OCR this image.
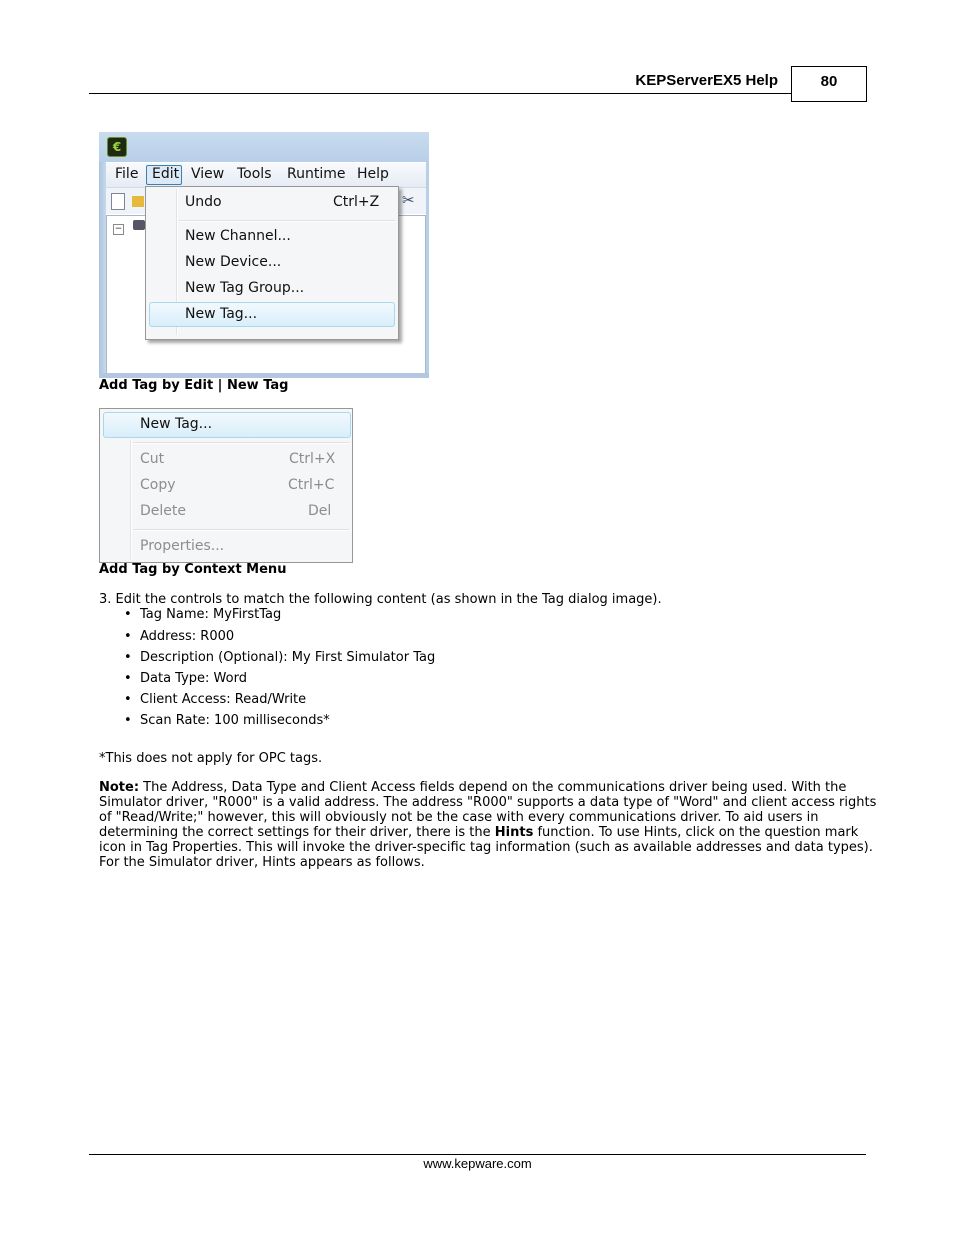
KEPServerEX5 Help	80
€
File Edit View Tools Runtime Help
✂
−
Undo	Ctrl+Z
New Channel...
New Device...
New Tag Group...
New Tag...
Add Tag by Edit | New Tag
New Tag...
Cut	Ctrl+X
Copy	Ctrl+C
Delete	Del
Properties...
Add Tag by Context Menu
3. Edit the controls to match the following content (as shown in the Tag dialog image).
• Tag Name: MyFirstTag
• Address: R000
• Description (Optional): My First Simulator Tag
• Data Type: Word
• Client Access: Read/Write
• Scan Rate: 100 milliseconds*
*This does not apply for OPC tags.
Note: The Address, Data Type and Client Access fields depend on the communications driver being used. With the
Simulator driver, "R000" is a valid address. The address "R000" supports a data type of "Word" and client access rights
of "Read/Write;" however, this will obviously not be the case with every communications driver. To aid users in
determining the correct settings for their driver, there is the Hints function. To use Hints, click on the question mark
icon in Tag Properties. This will invoke the driver-specific tag information (such as available addresses and data types).
For the Simulator driver, Hints appears as follows.
www.kepware.com
